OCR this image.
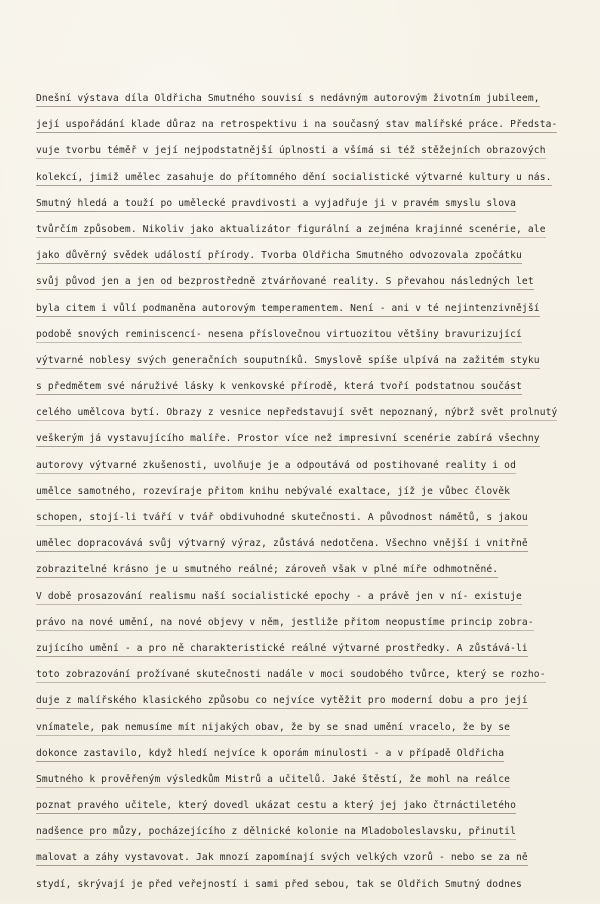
Dnešní výstava díla Oldřicha Smutného souvisí s nedávným autorovým životním jubileem,
její uspořádání klade důraz na retrospektivu i na současný stav malířské práce. Předsta-
vuje tvorbu téměř v její nejpodstatnější úplnosti a všímá si též stěžejních obrazových
kolekcí, jimiž umělec zasahuje do přítomného dění socialistické výtvarné kultury u nás.
Smutný hledá a touží po umělecké pravdivosti a vyjadřuje ji v pravém smyslu slova
tvůrčím způsobem. Nikoliv jako aktualizátor figurální a zejména krajinné scenérie, ale
jako důvěrný svědek událostí přírody. Tvorba Oldřicha Smutného odvozovala zpočátku
svůj původ jen a jen od bezprostředně ztvárňované reality. S převahou následných let
byla citem i vůlí podmaněna autorovým temperamentem. Není - ani v té nejintenzivnější
podobě snových reminiscencí- nesena příslovečnou virtuozitou většiny bravurizující
výtvarné noblesy svých generačních souputníků. Smyslově spíše ulpívá na zažitém styku
s předmětem své náruživé lásky k venkovské přírodě, která tvoří podstatnou součást
celého umělcova bytí. Obrazy z vesnice nepředstavují svět nepoznaný, nýbrž svět prolnutý
veškerým já vystavujícího malíře. Prostor více než impresivní scenérie zabírá všechny
autorovy výtvarné zkušenosti, uvolňuje je a odpoutává od postihované reality i od
umělce samotného, rozevíraje přitom knihu nebývalé exaltace, jíž je vůbec člověk
schopen, stojí-li tváří v tvář obdivuhodné skutečnosti. A původnost námětů, s jakou
umělec dopracovává svůj výtvarný výraz, zůstává nedotčena. Všechno vnější i vnitřně
zobrazitelné krásno je u smutného reálné; zároveň však v plné míře odhmotněné.
V době prosazování realismu naší socialistické epochy - a právě jen v ní- existuje
právo na nové umění, na nové objevy v něm, jestliže přitom neopustíme princip zobra-
zujícího umění - a pro ně charakteristické reálné výtvarné prostředky. A zůstává-li
toto zobrazování prožívané skutečnosti nadále v moci soudobého tvůrce, který se rozho-
duje z malířského klasického způsobu co nejvíce vytěžit pro moderní dobu a pro její
vnímatele, pak nemusíme mít nijakých obav, že by se snad umění vracelo, že by se
dokonce zastavilo, když hledí nejvíce k oporám minulosti - a v případě Oldřicha
Smutného k prověřeným výsledkům Mistrů a učitelů. Jaké štěstí, že mohl na reálce
poznat pravého učitele, který dovedl ukázat cestu a který jej jako čtrnáctiletého
nadšence pro můzy, pocházejícího z dělnické kolonie na Mladoboleslavsku, přinutil
malovat a záhy vystavovat. Jak mnozí zapomínají svých velkých vzorů - nebo se za ně
stydí, skrývají je před veřejností i sami před sebou, tak se Oldřich Smutný dodnes
